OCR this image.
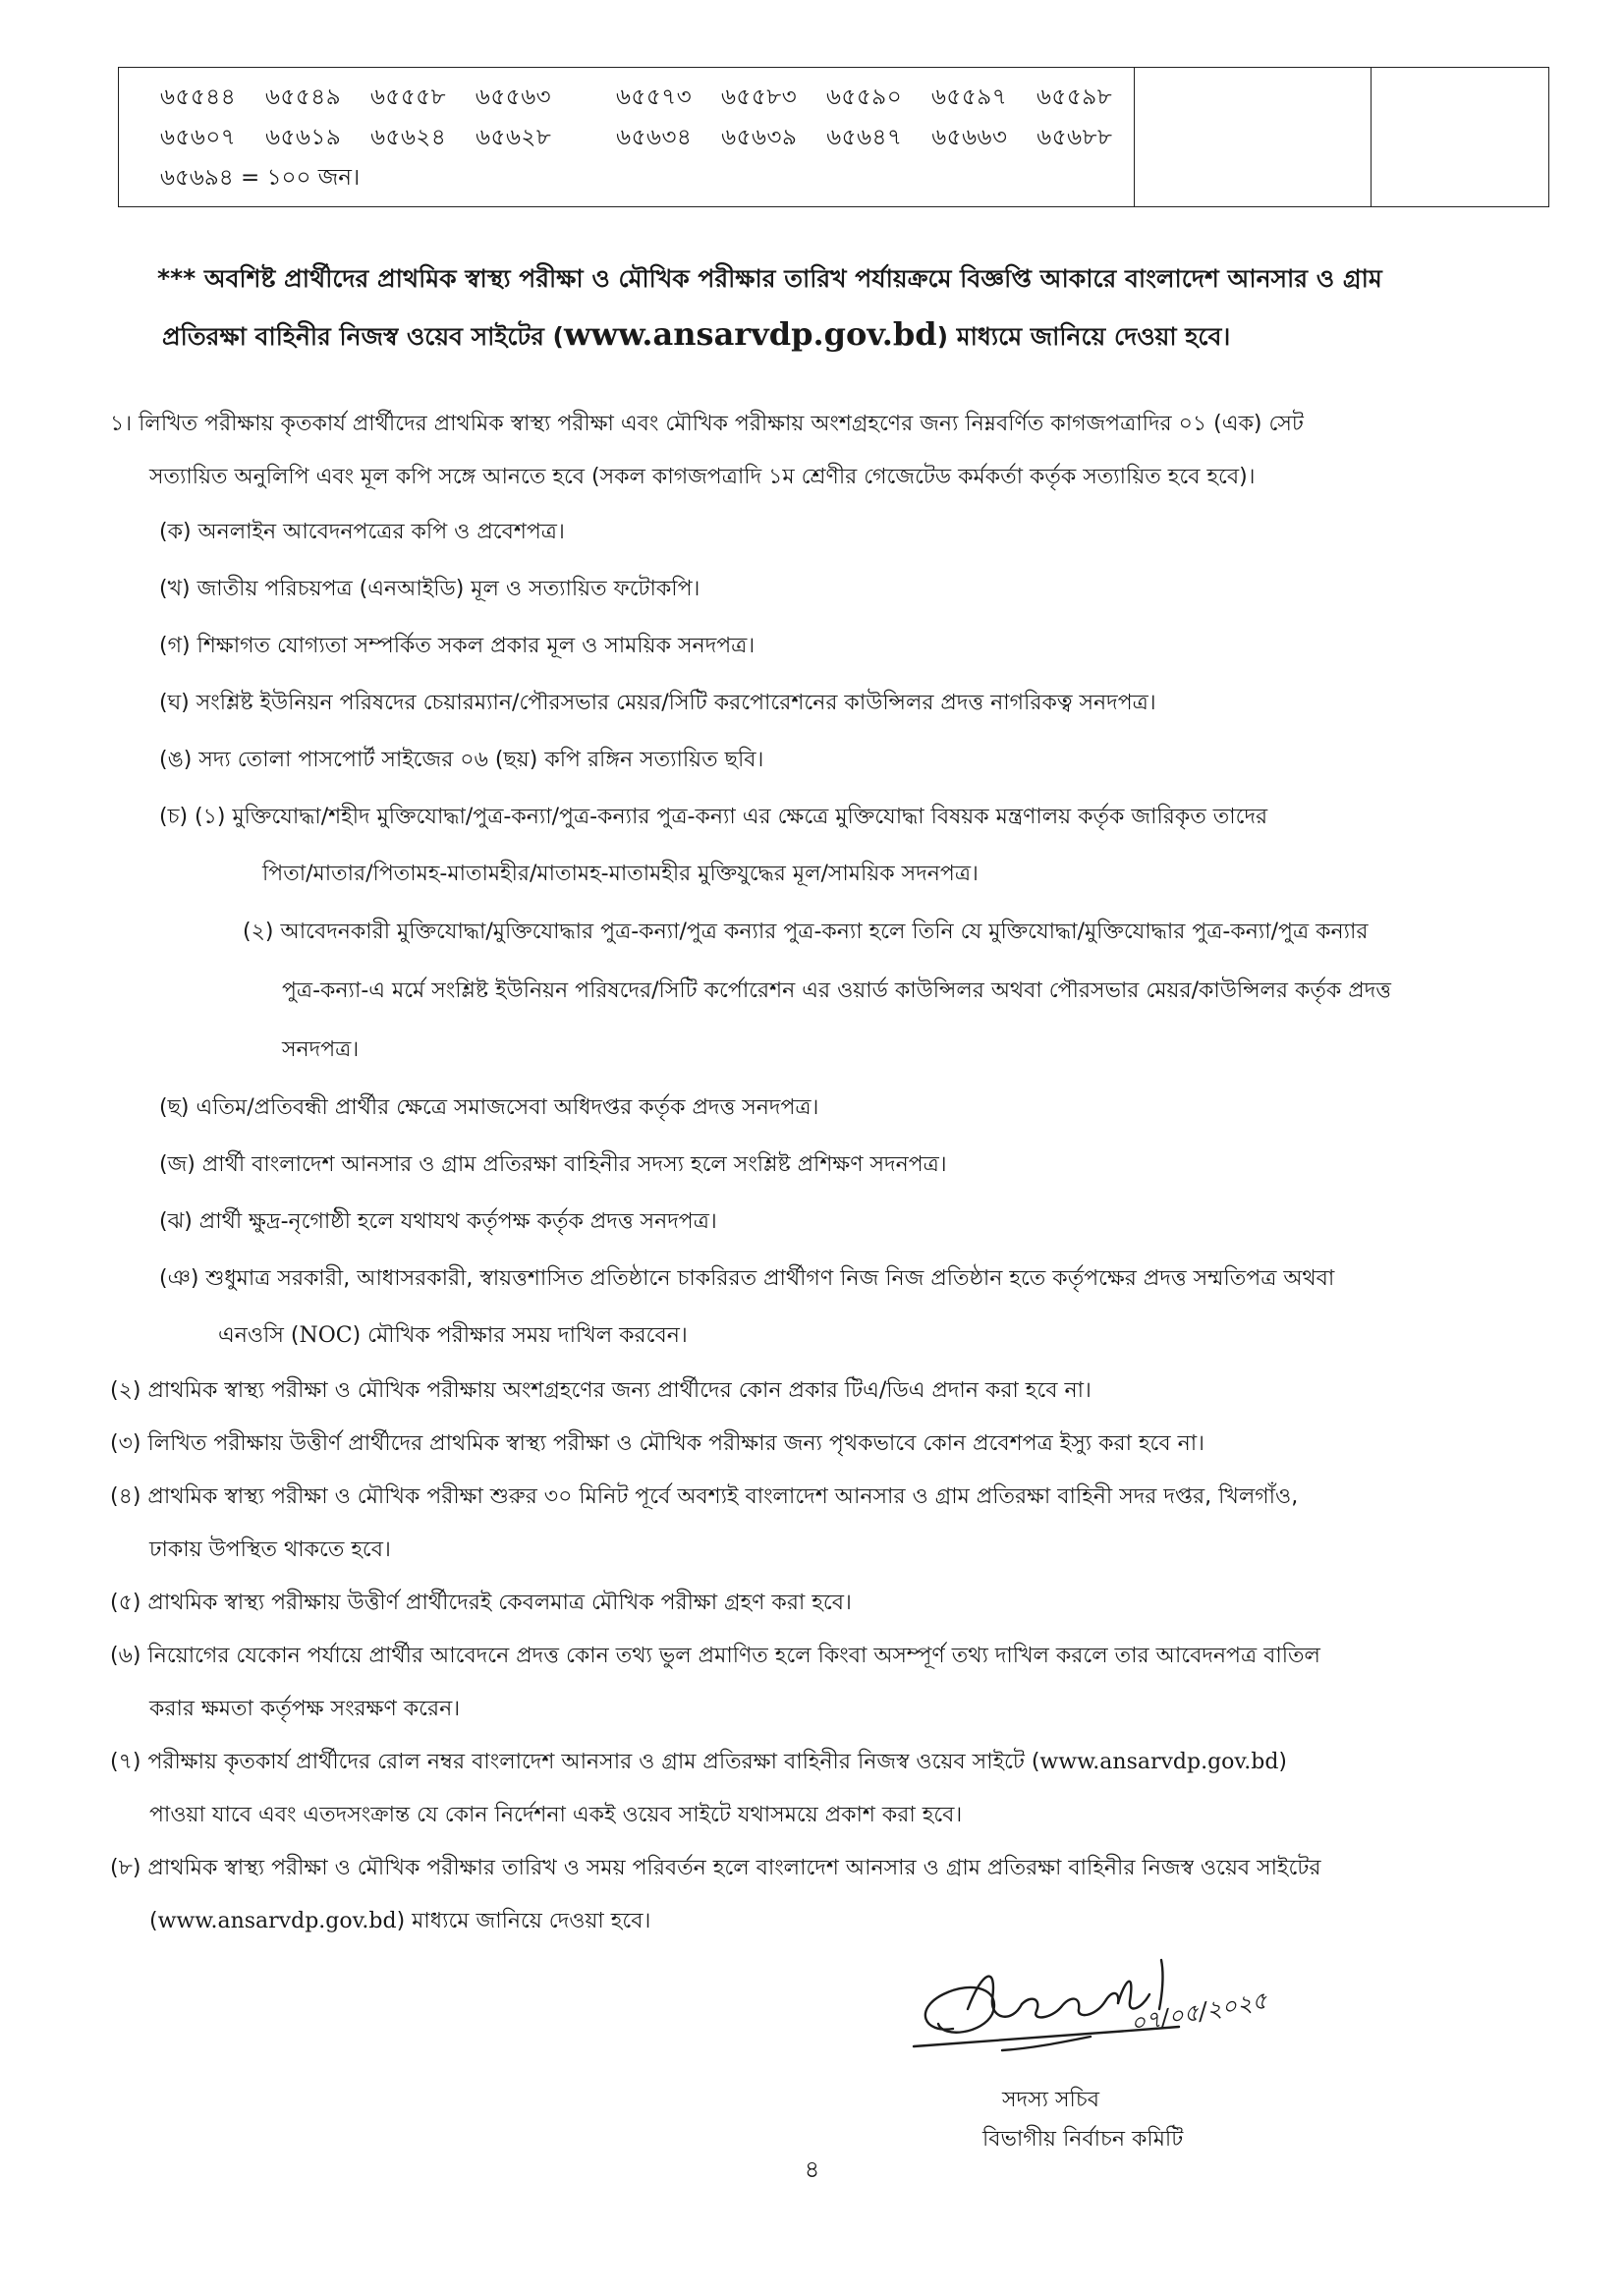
৬৫৫৪৪ ৬৫৫৪৯ ৬৫৫৫৮ ৬৫৫৬৩	৬৫৫৭৩ ৬৫৫৮৩ ৬৫৫৯০ ৬৫৫৯৭ ৬৫৫৯৮
৬৫৬০৭ ৬৫৬১৯ ৬৫৬২৪ ৬৫৬২৮	৬৫৬৩৪ ৬৫৬৩৯ ৬৫৬৪৭ ৬৫৬৬৩ ৬৫৬৮৮
৬৫৬৯৪ = ১০০ জন।

*** অবশিষ্ট প্রার্থীদের প্রাথমিক স্বাস্থ্য পরীক্ষা ও মৌখিক পরীক্ষার তারিখ পর্যায়ক্রমে বিজ্ঞপ্তি আকারে বাংলাদেশ আনসার ও গ্রাম
প্রতিরক্ষা বাহিনীর নিজস্ব ওয়েব সাইটের (www.ansarvdp.gov.bd) মাধ্যমে জানিয়ে দেওয়া হবে।
১। লিখিত পরীক্ষায় কৃতকার্য প্রার্থীদের প্রাথমিক স্বাস্থ্য পরীক্ষা এবং মৌখিক পরীক্ষায় অংশগ্রহণের জন্য নিম্নবর্ণিত কাগজপত্রাদির ০১ (এক) সেট
সত্যায়িত অনুলিপি এবং মূল কপি সঙ্গে আনতে হবে (সকল কাগজপত্রাদি ১ম শ্রেণীর গেজেটেড কর্মকর্তা কর্তৃক সত্যায়িত হবে হবে)।
(ক) অনলাইন আবেদনপত্রের কপি ও প্রবেশপত্র।
(খ) জাতীয় পরিচয়পত্র (এনআইডি) মূল ও সত্যায়িত ফটোকপি।
(গ) শিক্ষাগত যোগ্যতা সম্পর্কিত সকল প্রকার মূল ও সাময়িক সনদপত্র।
(ঘ) সংশ্লিষ্ট ইউনিয়ন পরিষদের চেয়ারম্যান/পৌরসভার মেয়র/সিটি করপোরেশনের কাউন্সিলর প্রদত্ত নাগরিকত্ব সনদপত্র।
(ঙ) সদ্য তোলা পাসপোর্ট সাইজের ০৬ (ছয়) কপি রঙ্গিন সত্যায়িত ছবি।
(চ) (১) মুক্তিযোদ্ধা/শহীদ মুক্তিযোদ্ধা/পুত্র-কন্যা/পুত্র-কন্যার পুত্র-কন্যা এর ক্ষেত্রে মুক্তিযোদ্ধা বিষয়ক মন্ত্রণালয় কর্তৃক জারিকৃত তাদের
পিতা/মাতার/পিতামহ-মাতামহীর/মাতামহ-মাতামহীর মুক্তিযুদ্ধের মূল/সাময়িক সদনপত্র।
(২) আবেদনকারী মুক্তিযোদ্ধা/মুক্তিযোদ্ধার পুত্র-কন্যা/পুত্র কন্যার পুত্র-কন্যা হলে তিনি যে মুক্তিযোদ্ধা/মুক্তিযোদ্ধার পুত্র-কন্যা/পুত্র কন্যার
পুত্র-কন্যা-এ মর্মে সংশ্লিষ্ট ইউনিয়ন পরিষদের/সিটি কর্পোরেশন এর ওয়ার্ড কাউন্সিলর অথবা পৌরসভার মেয়র/কাউন্সিলর কর্তৃক প্রদত্ত
সনদপত্র।
(ছ) এতিম/প্রতিবন্ধী প্রার্থীর ক্ষেত্রে সমাজসেবা অধিদপ্তর কর্তৃক প্রদত্ত সনদপত্র।
(জ) প্রার্থী বাংলাদেশ আনসার ও গ্রাম প্রতিরক্ষা বাহিনীর সদস্য হলে সংশ্লিষ্ট প্রশিক্ষণ সদনপত্র।
(ঝ) প্রার্থী ক্ষুদ্র-নৃগোষ্ঠী হলে যথাযথ কর্তৃপক্ষ কর্তৃক প্রদত্ত সনদপত্র।
(ঞ) শুধুমাত্র সরকারী, আধাসরকারী, স্বায়ত্তশাসিত প্রতিষ্ঠানে চাকরিরত প্রার্থীগণ নিজ নিজ প্রতিষ্ঠান হতে কর্তৃপক্ষের প্রদত্ত সম্মতিপত্র অথবা
এনওসি (NOC) মৌখিক পরীক্ষার সময় দাখিল করবেন।
(২) প্রাথমিক স্বাস্থ্য পরীক্ষা ও মৌখিক পরীক্ষায় অংশগ্রহণের জন্য প্রার্থীদের কোন প্রকার টিএ/ডিএ প্রদান করা হবে না।
(৩) লিখিত পরীক্ষায় উত্তীর্ণ প্রার্থীদের প্রাথমিক স্বাস্থ্য পরীক্ষা ও মৌখিক পরীক্ষার জন্য পৃথকভাবে কোন প্রবেশপত্র ইস্যু করা হবে না।
(৪) প্রাথমিক স্বাস্থ্য পরীক্ষা ও মৌখিক পরীক্ষা শুরুর ৩০ মিনিট পূর্বে অবশ্যই বাংলাদেশ আনসার ও গ্রাম প্রতিরক্ষা বাহিনী সদর দপ্তর, খিলগাঁও,
ঢাকায় উপস্থিত থাকতে হবে।
(৫) প্রাথমিক স্বাস্থ্য পরীক্ষায় উত্তীর্ণ প্রার্থীদেরই কেবলমাত্র মৌখিক পরীক্ষা গ্রহণ করা হবে।
(৬) নিয়োগের যেকোন পর্যায়ে প্রার্থীর আবেদনে প্রদত্ত কোন তথ্য ভুল প্রমাণিত হলে কিংবা অসম্পূর্ণ তথ্য দাখিল করলে তার আবেদনপত্র বাতিল
করার ক্ষমতা কর্তৃপক্ষ সংরক্ষণ করেন।
(৭) পরীক্ষায় কৃতকার্য প্রার্থীদের রোল নম্বর বাংলাদেশ আনসার ও গ্রাম প্রতিরক্ষা বাহিনীর নিজস্ব ওয়েব সাইটে (www.ansarvdp.gov.bd)
পাওয়া যাবে এবং এতদসংক্রান্ত যে কোন নির্দেশনা একই ওয়েব সাইটে যথাসময়ে প্রকাশ করা হবে।
(৮) প্রাথমিক স্বাস্থ্য পরীক্ষা ও মৌখিক পরীক্ষার তারিখ ও সময় পরিবর্তন হলে বাংলাদেশ আনসার ও গ্রাম প্রতিরক্ষা বাহিনীর নিজস্ব ওয়েব সাইটের
(www.ansarvdp.gov.bd) মাধ্যমে জানিয়ে দেওয়া হবে।
০৭/০৫/২০২৫
সদস্য সচিব
বিভাগীয় নির্বাচন কমিটি
৪
